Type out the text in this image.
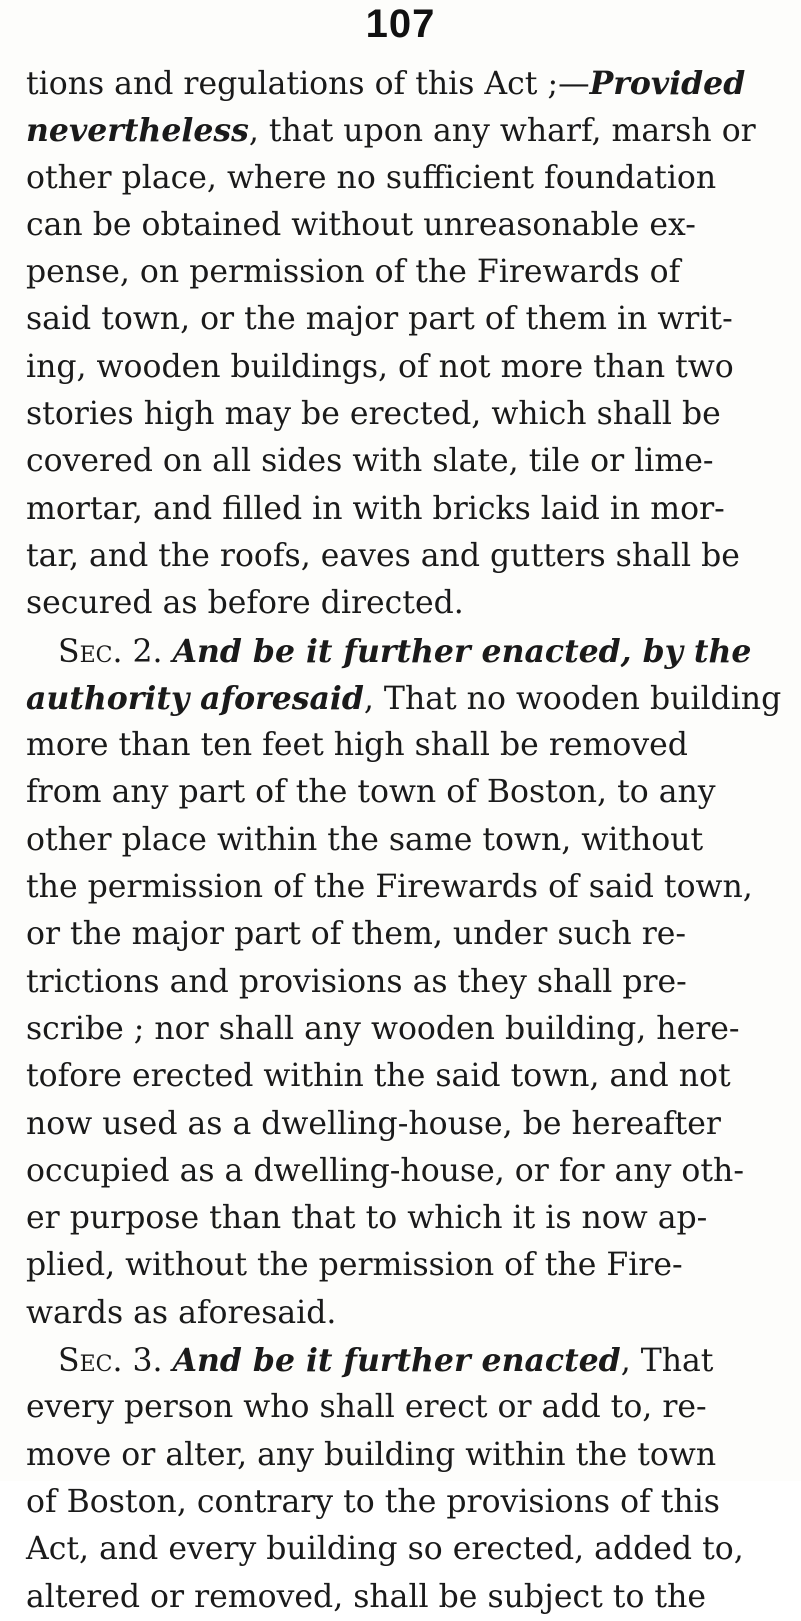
107
tions and regulations of this Act ;—Provided
nevertheless, that upon any wharf, marsh or
other place, where no sufficient foundation
can be obtained without unreasonable ex-
pense, on permission of the Firewards of
said town, or the major part of them in writ-
ing, wooden buildings, of not more than two
stories high may be erected, which shall be
covered on all sides with slate, tile or lime-
mortar, and filled in with bricks laid in mor-
tar, and the roofs, eaves and gutters shall be
secured as before directed.
Sec. 2. And be it further enacted, by the
authority aforesaid, That no wooden building
more than ten feet high shall be removed
from any part of the town of Boston, to any
other place within the same town, without
the permission of the Firewards of said town,
or the major part of them, under such re-
trictions and provisions as they shall pre-
scribe ; nor shall any wooden building, here-
tofore erected within the said town, and not
now used as a dwelling-house, be hereafter
occupied as a dwelling-house, or for any oth-
er purpose than that to which it is now ap-
plied, without the permission of the Fire-
wards as aforesaid.
Sec. 3. And be it further enacted, That
every person who shall erect or add to, re-
move or alter, any building within the town
of Boston, contrary to the provisions of this
Act, and every building so erected, added to,
altered or removed, shall be subject to the
